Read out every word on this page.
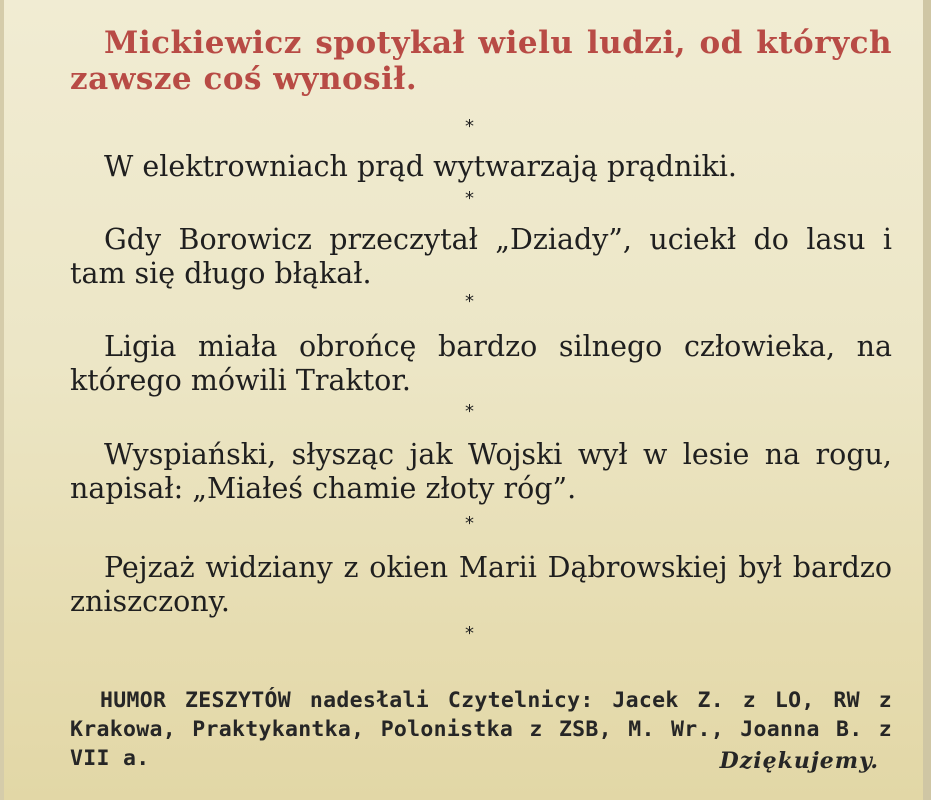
Mickiewicz spotykał wielu ludzi, od których zawsze coś wynosił.

*

W elektrowniach prąd wytwarzają prądniki.

*

Gdy Borowicz przeczytał „Dziady”, uciekł do lasu i tam się długo błąkał.

*

Ligia miała obrońcę bardzo silnego człowieka, na którego mówili Traktor.

*

Wyspiański, słysząc jak Wojski wył w lesie na rogu, napisał: „Miałeś chamie złoty róg”.

*

Pejzaż widziany z okien Marii Dąbrowskiej był bardzo zniszczony.

*

HUMOR ZESZYTÓW nadesłali Czytelnicy: Jacek Z. z LO, RW z Krakowa, Praktykantka, Polonistka z ZSB, M. Wr., Joanna B. z VII a.	Dziękujemy.
